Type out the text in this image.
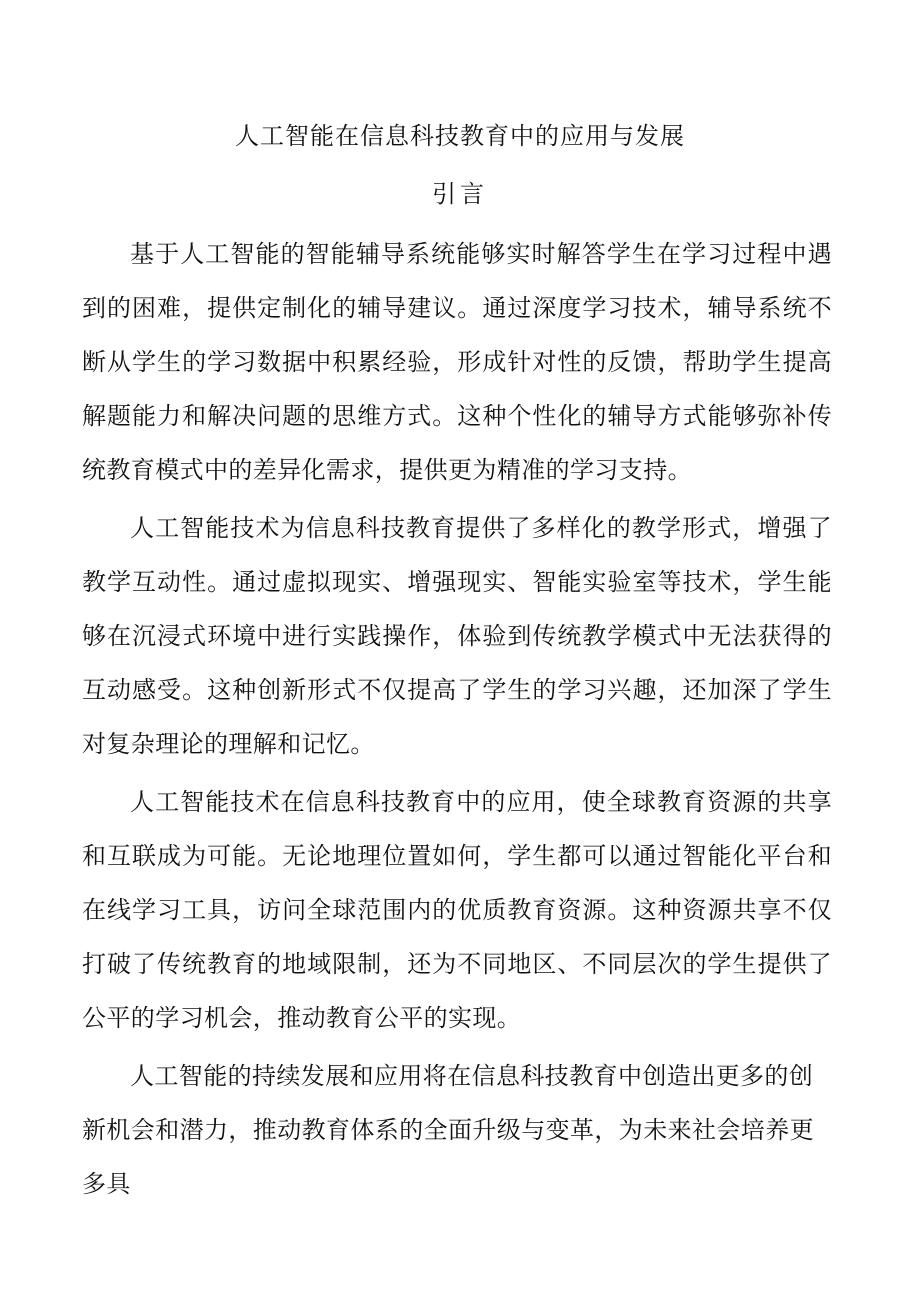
人工智能在信息科技教育中的应用与发展
引言

基于人工智能的智能辅导系统能够实时解答学生在学习过程中遇到的困难，提供定制化的辅导建议。通过深度学习技术，辅导系统不断从学生的学习数据中积累经验，形成针对性的反馈，帮助学生提高解题能力和解决问题的思维方式。这种个性化的辅导方式能够弥补传统教育模式中的差异化需求，提供更为精准的学习支持。

人工智能技术为信息科技教育提供了多样化的教学形式，增强了教学互动性。通过虚拟现实、增强现实、智能实验室等技术，学生能够在沉浸式环境中进行实践操作，体验到传统教学模式中无法获得的互动感受。这种创新形式不仅提高了学生的学习兴趣，还加深了学生对复杂理论的理解和记忆。

人工智能技术在信息科技教育中的应用，使全球教育资源的共享和互联成为可能。无论地理位置如何，学生都可以通过智能化平台和在线学习工具，访问全球范围内的优质教育资源。这种资源共享不仅打破了传统教育的地域限制，还为不同地区、不同层次的学生提供了公平的学习机会，推动教育公平的实现。

人工智能的持续发展和应用将在信息科技教育中创造出更多的创新机会和潜力，推动教育体系的全面升级与变革，为未来社会培养更多具
